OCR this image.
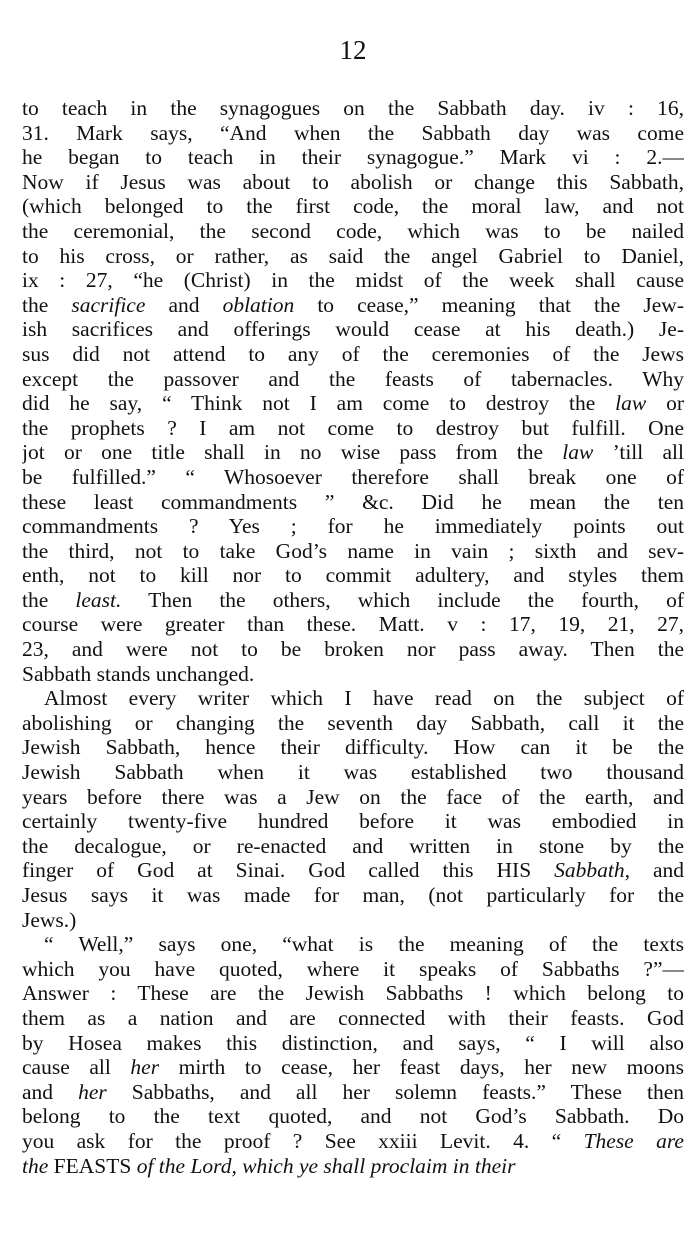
12
to teach in the synagogues on the Sabbath day. iv : 16,
31. Mark says, “And when the Sabbath day was come
he began to teach in their synagogue.” Mark vi : 2.—
Now if Jesus was about to abolish or change this Sabbath,
(which belonged to the first code, the moral law, and not
the ceremonial, the second code, which was to be nailed
to his cross, or rather, as said the angel Gabriel to Daniel,
ix : 27, “he (Christ) in the midst of the week shall cause
the sacrifice and oblation to cease,” meaning that the Jew-
ish sacrifices and offerings would cease at his death.) Je-
sus did not attend to any of the ceremonies of the Jews
except the passover and the feasts of tabernacles. Why
did he say, “ Think not I am come to destroy the law or
the prophets ? I am not come to destroy but fulfill. One
jot or one title shall in no wise pass from the law ’till all
be fulfilled.” “ Whosoever therefore shall break one of
these least commandments ” &c. Did he mean the ten
commandments ? Yes ; for he immediately points out
the third, not to take God’s name in vain ; sixth and sev-
enth, not to kill nor to commit adultery, and styles them
the least. Then the others, which include the fourth, of
course were greater than these. Matt. v : 17, 19, 21, 27,
23, and were not to be broken nor pass away. Then the
Sabbath stands unchanged.
Almost every writer which I have read on the subject of
abolishing or changing the seventh day Sabbath, call it the
Jewish Sabbath, hence their difficulty. How can it be the
Jewish Sabbath when it was established two thousand
years before there was a Jew on the face of the earth, and
certainly twenty-five hundred before it was embodied in
the decalogue, or re-enacted and written in stone by the
finger of God at Sinai. God called this HIS Sabbath, and
Jesus says it was made for man, (not particularly for the
Jews.)
“ Well,” says one, “what is the meaning of the texts
which you have quoted, where it speaks of Sabbaths ?”—
Answer : These are the Jewish Sabbaths ! which belong to
them as a nation and are connected with their feasts. God
by Hosea makes this distinction, and says, “ I will also
cause all her mirth to cease, her feast days, her new moons
and her Sabbaths, and all her solemn feasts.” These then
belong to the text quoted, and not God’s Sabbath. Do
you ask for the proof ? See xxiii Levit. 4. “ These are
the FEASTS of the Lord, which ye shall proclaim in their
